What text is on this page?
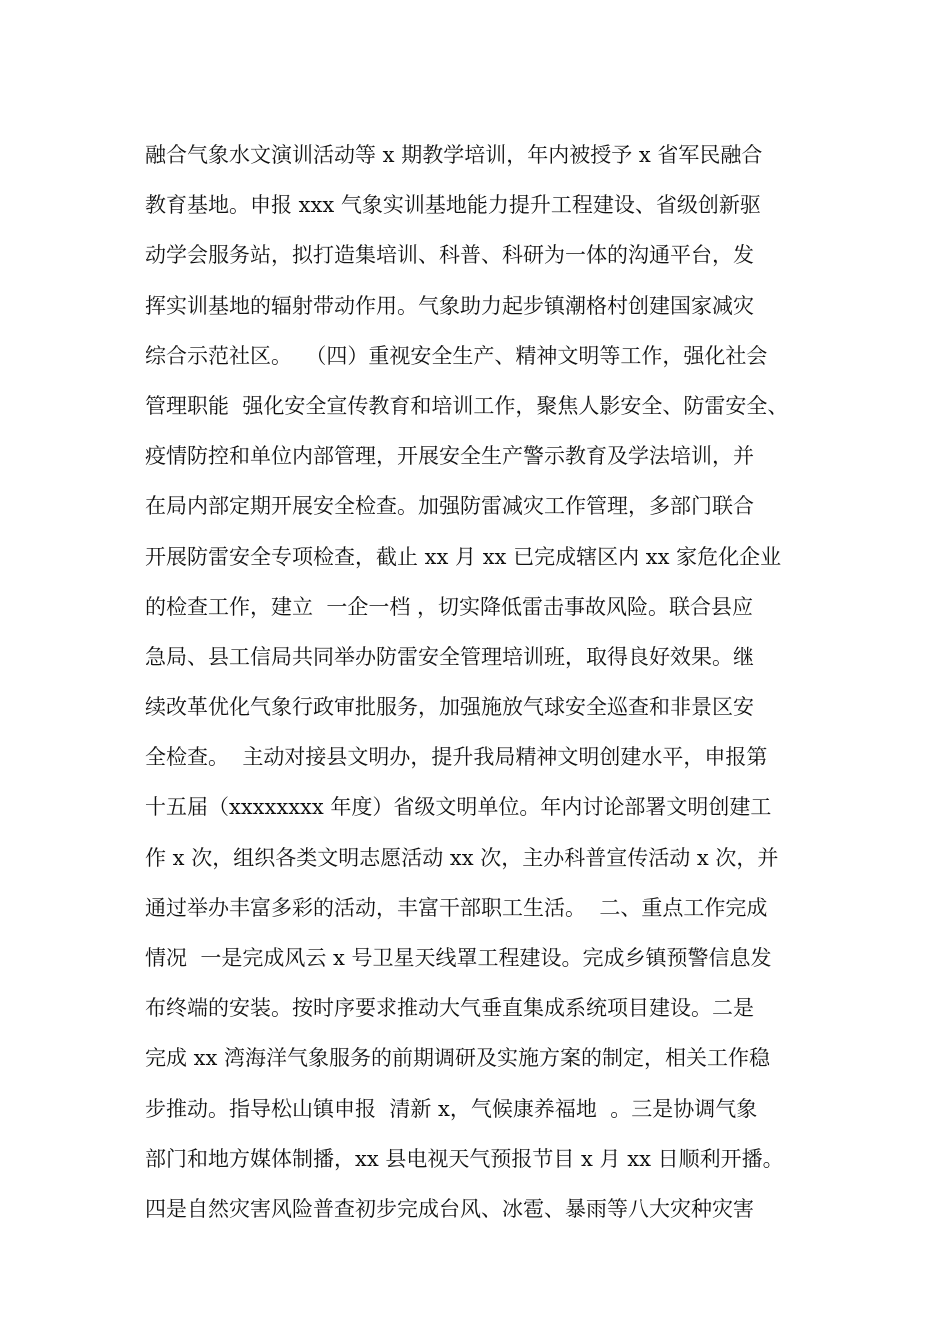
融合气象水文演训活动等 x 期教学培训，年内被授予 x 省军民融合
教育基地。申报 xxx 气象实训基地能力提升工程建设、省级创新驱
动学会服务站，拟打造集培训、科普、科研为一体的沟通平台，发
挥实训基地的辐射带动作用。气象助力起步镇潮格村创建国家减灾
综合示范社区。  （四）重视安全生产、精神文明等工作，强化社会
管理职能  强化安全宣传教育和培训工作，聚焦人影安全、防雷安全、
疫情防控和单位内部管理，开展安全生产警示教育及学法培训，并
在局内部定期开展安全检查。加强防雷减灾工作管理，多部门联合
开展防雷安全专项检查，截止 xx 月 xx 已完成辖区内 xx 家危化企业
的检查工作，建立  一企一档 ，切实降低雷击事故风险。联合县应
急局、县工信局共同举办防雷安全管理培训班，取得良好效果。继
续改革优化气象行政审批服务，加强施放气球安全巡查和非景区安
全检查。  主动对接县文明办，提升我局精神文明创建水平，申报第
十五届（xxxxxxxx 年度）省级文明单位。年内讨论部署文明创建工
作 x 次，组织各类文明志愿活动 xx 次，主办科普宣传活动 x 次，并
通过举办丰富多彩的活动，丰富干部职工生活。  二、重点工作完成
情况  一是完成风云 x 号卫星天线罩工程建设。完成乡镇预警信息发
布终端的安装。按时序要求推动大气垂直集成系统项目建设。二是
完成 xx 湾海洋气象服务的前期调研及实施方案的制定，相关工作稳
步推动。指导松山镇申报  清新 x，气候康养福地  。三是协调气象
部门和地方媒体制播，xx 县电视天气预报节目 x 月 xx 日顺利开播。
四是自然灾害风险普查初步完成台风、冰雹、暴雨等八大灾种灾害
